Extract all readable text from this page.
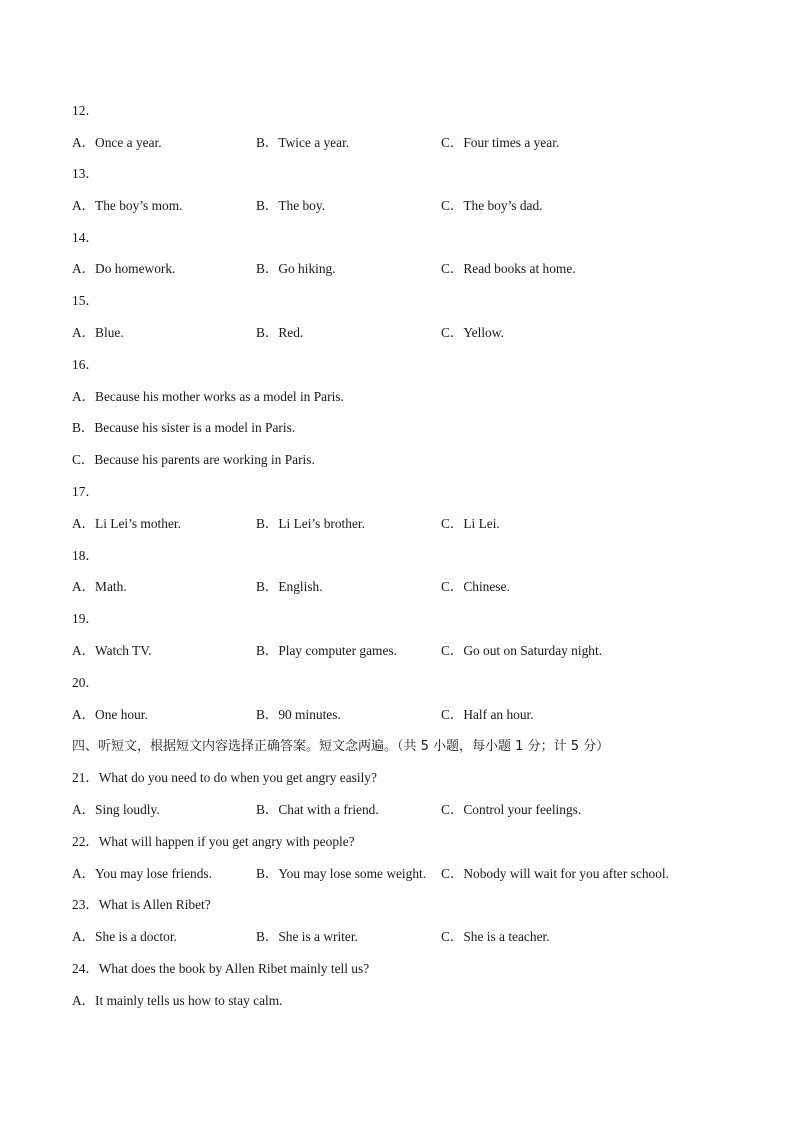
12．
A．Once a year.	B．Twice a year.	C．Four times a year.
13．
A．The boy’s mom.	B．The boy.	C．The boy’s dad.
14．
A．Do homework.	B．Go hiking.	C．Read books at home.
15．
A．Blue.	B．Red.	C．Yellow.
16．
A．Because his mother works as a model in Paris.
B．Because his sister is a model in Paris.
C．Because his parents are working in Paris.
17．
A．Li Lei’s mother.	B．Li Lei’s brother.	C．Li Lei.
18．
A．Math.	B．English.	C．Chinese.
19．
A．Watch TV.	B．Play computer games.	C．Go out on Saturday night.
20．
A．One hour.	B．90 minutes.	C．Half an hour.
四、听短文，根据短文内容选择正确答案。短文念两遍。（共 5 小题，每小题 1 分；计 5 分）
21．What do you need to do when you get angry easily?
A．Sing loudly.	B．Chat with a friend.	C．Control your feelings.
22．What will happen if you get angry with people?
A．You may lose friends.	B．You may lose some weight. C．Nobody will wait for you after school.
23．What is Allen Ribet?
A．She is a doctor.	B．She is a writer.	C．She is a teacher.
24．What does the book by Allen Ribet mainly tell us?
A．It mainly tells us how to stay calm.
